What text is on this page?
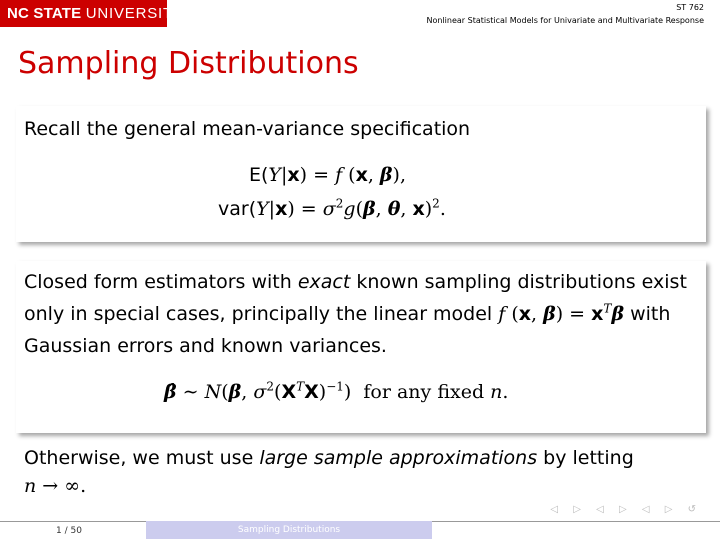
NC STATE UNIVERSITY	ST 762
Nonlinear Statistical Models for Univariate and Multivariate Response
Sampling Distributions
Recall the general mean-variance specification
E(Y|x) = f (x, β),
$var(Y|x) = \sigma^2g(\beta$, θ, x)$^2$.
Closed form estimators with exact known sampling distributions exist
only in special cases, principally the linear model f (x, $\beta) = x^T\beta$ with
Gaussian errors and known variances.
β̂ ∼ N(β, $\sigma^2(X^TX)^{-1}$)  for any fixed n.
Otherwise, we must use large sample approximations by letting
n → ∞.
◁ ▷ ◁ ▷ ◁ ▷ ↺
1 / 50	Sampling Distributions
